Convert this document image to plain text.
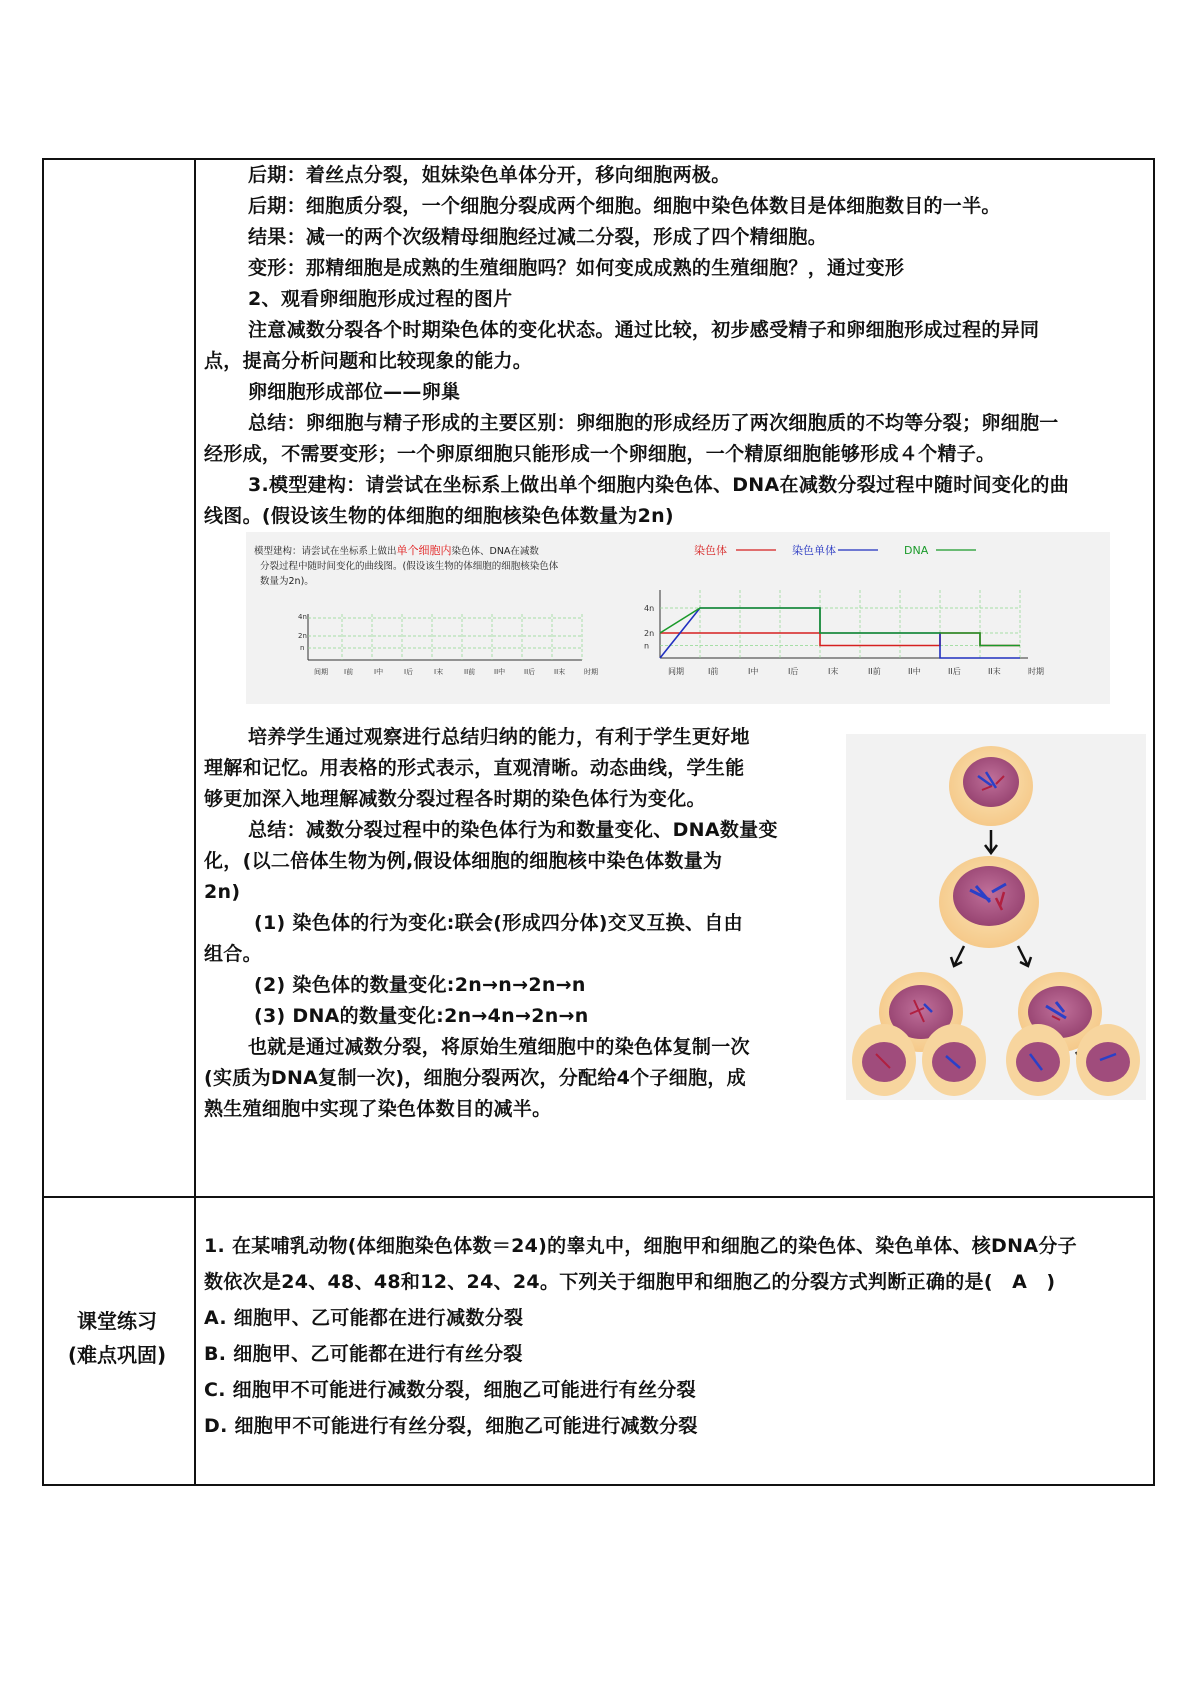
后期：着丝点分裂，姐妹染色单体分开，移向细胞两极。
后期：细胞质分裂，一个细胞分裂成两个细胞。细胞中染色体数目是体细胞数目的一半。
结果：减一的两个次级精母细胞经过减二分裂，形成了四个精细胞。
变形：那精细胞是成熟的生殖细胞吗？如何变成成熟的生殖细胞？，通过变形
2、观看卵细胞形成过程的图片
注意减数分裂各个时期染色体的变化状态。通过比较，初步感受精子和卵细胞形成过程的异同
点，提高分析问题和比较现象的能力。
卵细胞形成部位——卵巢
总结：卵细胞与精子形成的主要区别：卵细胞的形成经历了两次细胞质的不均等分裂；卵细胞一
经形成，不需要变形；一个卵原细胞只能形成一个卵细胞，一个精原细胞能够形成４个精子。
3.模型建构：请尝试在坐标系上做出单个细胞内染色体、DNA在减数分裂过程中随时间变化的曲
线图。(假设该生物的体细胞的细胞核染色体数量为2n)
模型建构：请尝试在坐标系上做出单个细胞内染色体、DNA在减数
分裂过程中随时间变化的曲线图。(假设该生物的体细胞的细胞核染色体
数量为2n)。
4n
2n
n
间期 I前	I中	I后	I末	II前	II中	II后	II末	时期
染色体	染色单体	DNA
4n
2n
n
间期	I前	I中	I后	I末	II前	II中	II后	II末	时期
培养学生通过观察进行总结归纳的能力，有利于学生更好地
理解和记忆。用表格的形式表示，直观清晰。动态曲线，学生能
够更加深入地理解减数分裂过程各时期的染色体行为变化。
总结：减数分裂过程中的染色体行为和数量变化、DNA数量变
化，(以二倍体生物为例,假设体细胞的细胞核中染色体数量为
2n)
(1) 染色体的行为变化:联会(形成四分体)交叉互换、自由
组合。
(2) 染色体的数量变化:2n→n→2n→n
(3) DNA的数量变化:2n→4n→2n→n
也就是通过减数分裂，将原始生殖细胞中的染色体复制一次
(实质为DNA复制一次)，细胞分裂两次，分配给4个子细胞，成
熟生殖细胞中实现了染色体数目的减半。
课堂练习
(难点巩固)
1. 在某哺乳动物(体细胞染色体数＝24)的睾丸中，细胞甲和细胞乙的染色体、染色单体、核DNA分子
数依次是24、48、48和12、24、24。下列关于细胞甲和细胞乙的分裂方式判断正确的是(　A　)
A. 细胞甲、乙可能都在进行减数分裂
B. 细胞甲、乙可能都在进行有丝分裂
C. 细胞甲不可能进行减数分裂，细胞乙可能进行有丝分裂
D. 细胞甲不可能进行有丝分裂，细胞乙可能进行减数分裂
